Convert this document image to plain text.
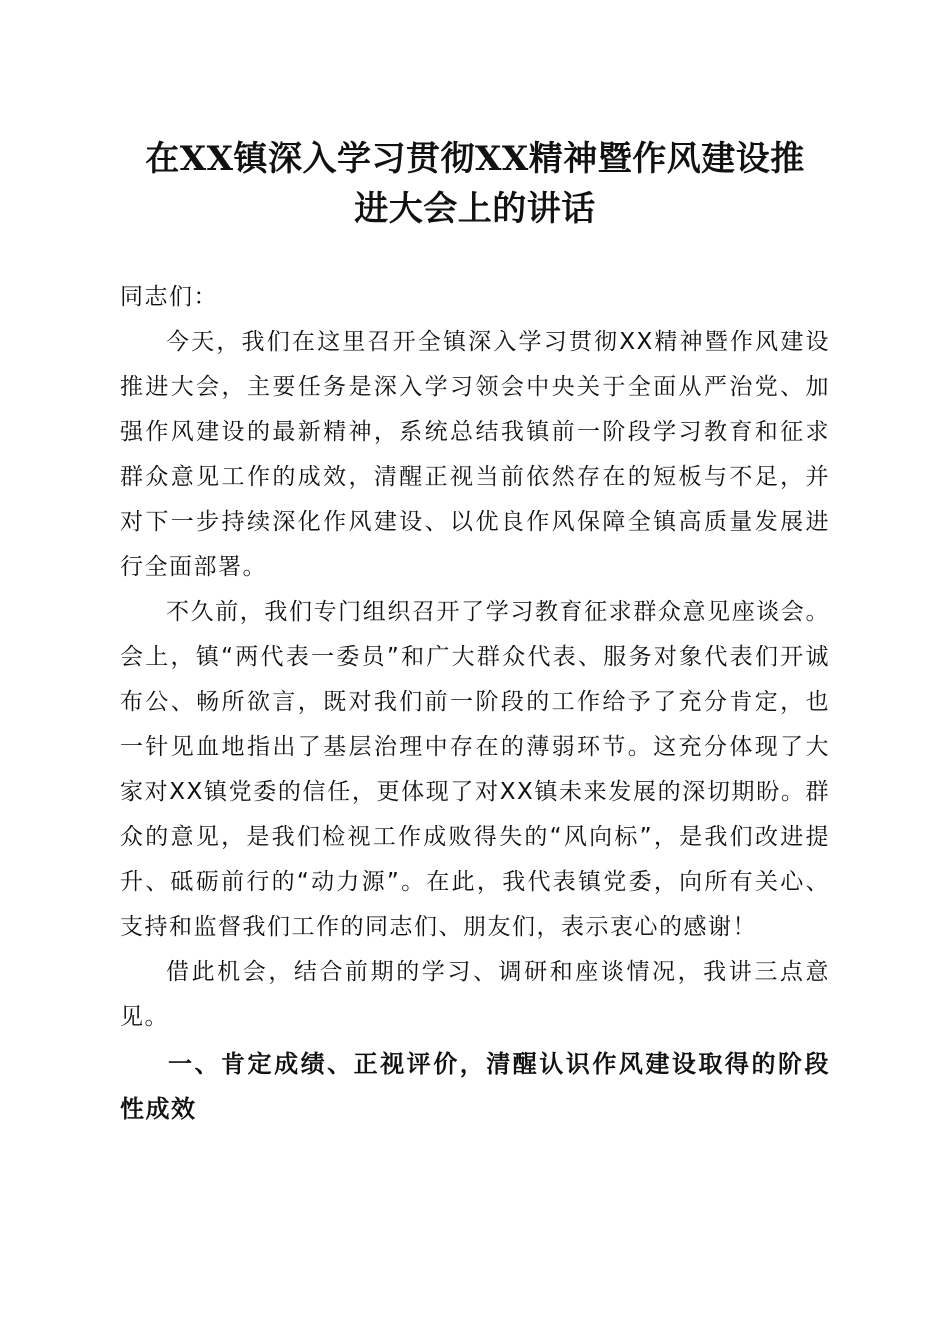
在XX镇深入学习贯彻XX精神暨作风建设推
进大会上的讲话

同志们：

今天，我们在这里召开全镇深入学习贯彻XX精神暨作风建设推进大会，主要任务是深入学习领会中央关于全面从严治党、加强作风建设的最新精神，系统总结我镇前一阶段学习教育和征求群众意见工作的成效，清醒正视当前依然存在的短板与不足，并对下一步持续深化作风建设、以优良作风保障全镇高质量发展进行全面部署。

不久前，我们专门组织召开了学习教育征求群众意见座谈会。会上，镇“两代表一委员”和广大群众代表、服务对象代表们开诚布公、畅所欲言，既对我们前一阶段的工作给予了充分肯定，也一针见血地指出了基层治理中存在的薄弱环节。这充分体现了大家对XX镇党委的信任，更体现了对XX镇未来发展的深切期盼。群众的意见，是我们检视工作成败得失的“风向标”，是我们改进提升、砥砺前行的“动力源”。在此，我代表镇党委，向所有关心、支持和监督我们工作的同志们、朋友们，表示衷心的感谢！

借此机会，结合前期的学习、调研和座谈情况，我讲三点意见。

一、肯定成绩、正视评价，清醒认识作风建设取得的阶段性成效
